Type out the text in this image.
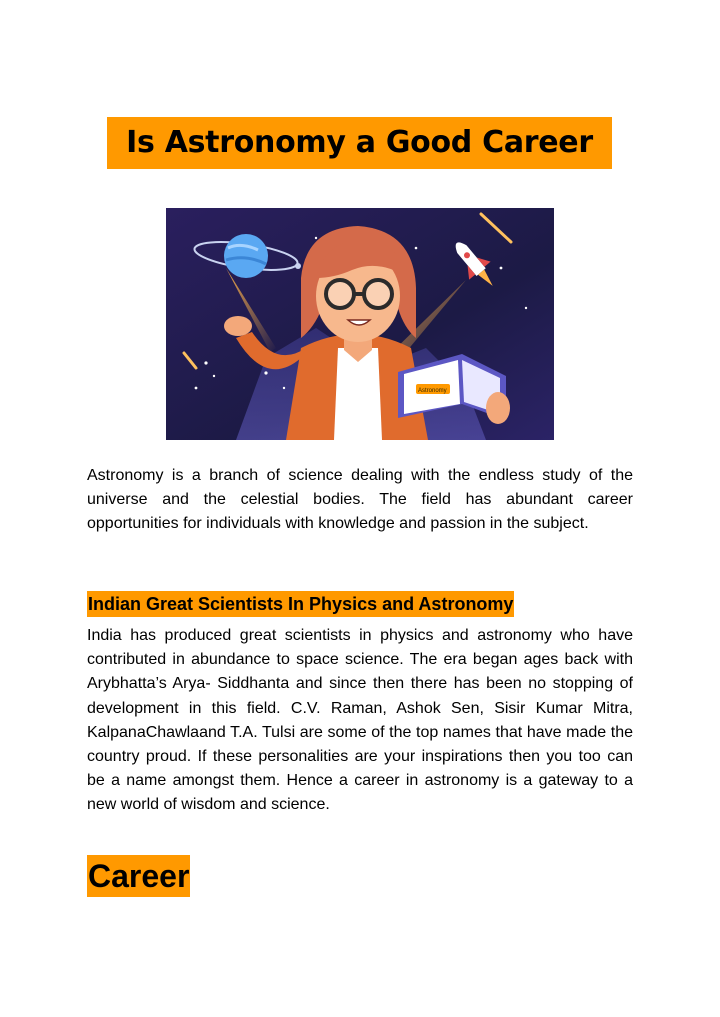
Is Astronomy a Good Career
Astronomy

Astronomy is a branch of science dealing with the endless study of the universe and the celestial bodies. The field has abundant career opportunities for individuals with knowledge and passion in the subject.

Indian Great Scientists In Physics and Astronomy

India has produced great scientists in physics and astronomy who have contributed in abundance to space science. The era began ages back with Arybhatta’s Arya- Siddhanta and since then there has been no stopping of development in this field. C.V. Raman, Ashok Sen, Sisir Kumar Mitra, KalpanaChawlaand T.A. Tulsi are some of the top names that have made the country proud. If these personalities are your inspirations then you too can be a name amongst them. Hence a career in astronomy is a gateway to a new world of wisdom and science.

Career
